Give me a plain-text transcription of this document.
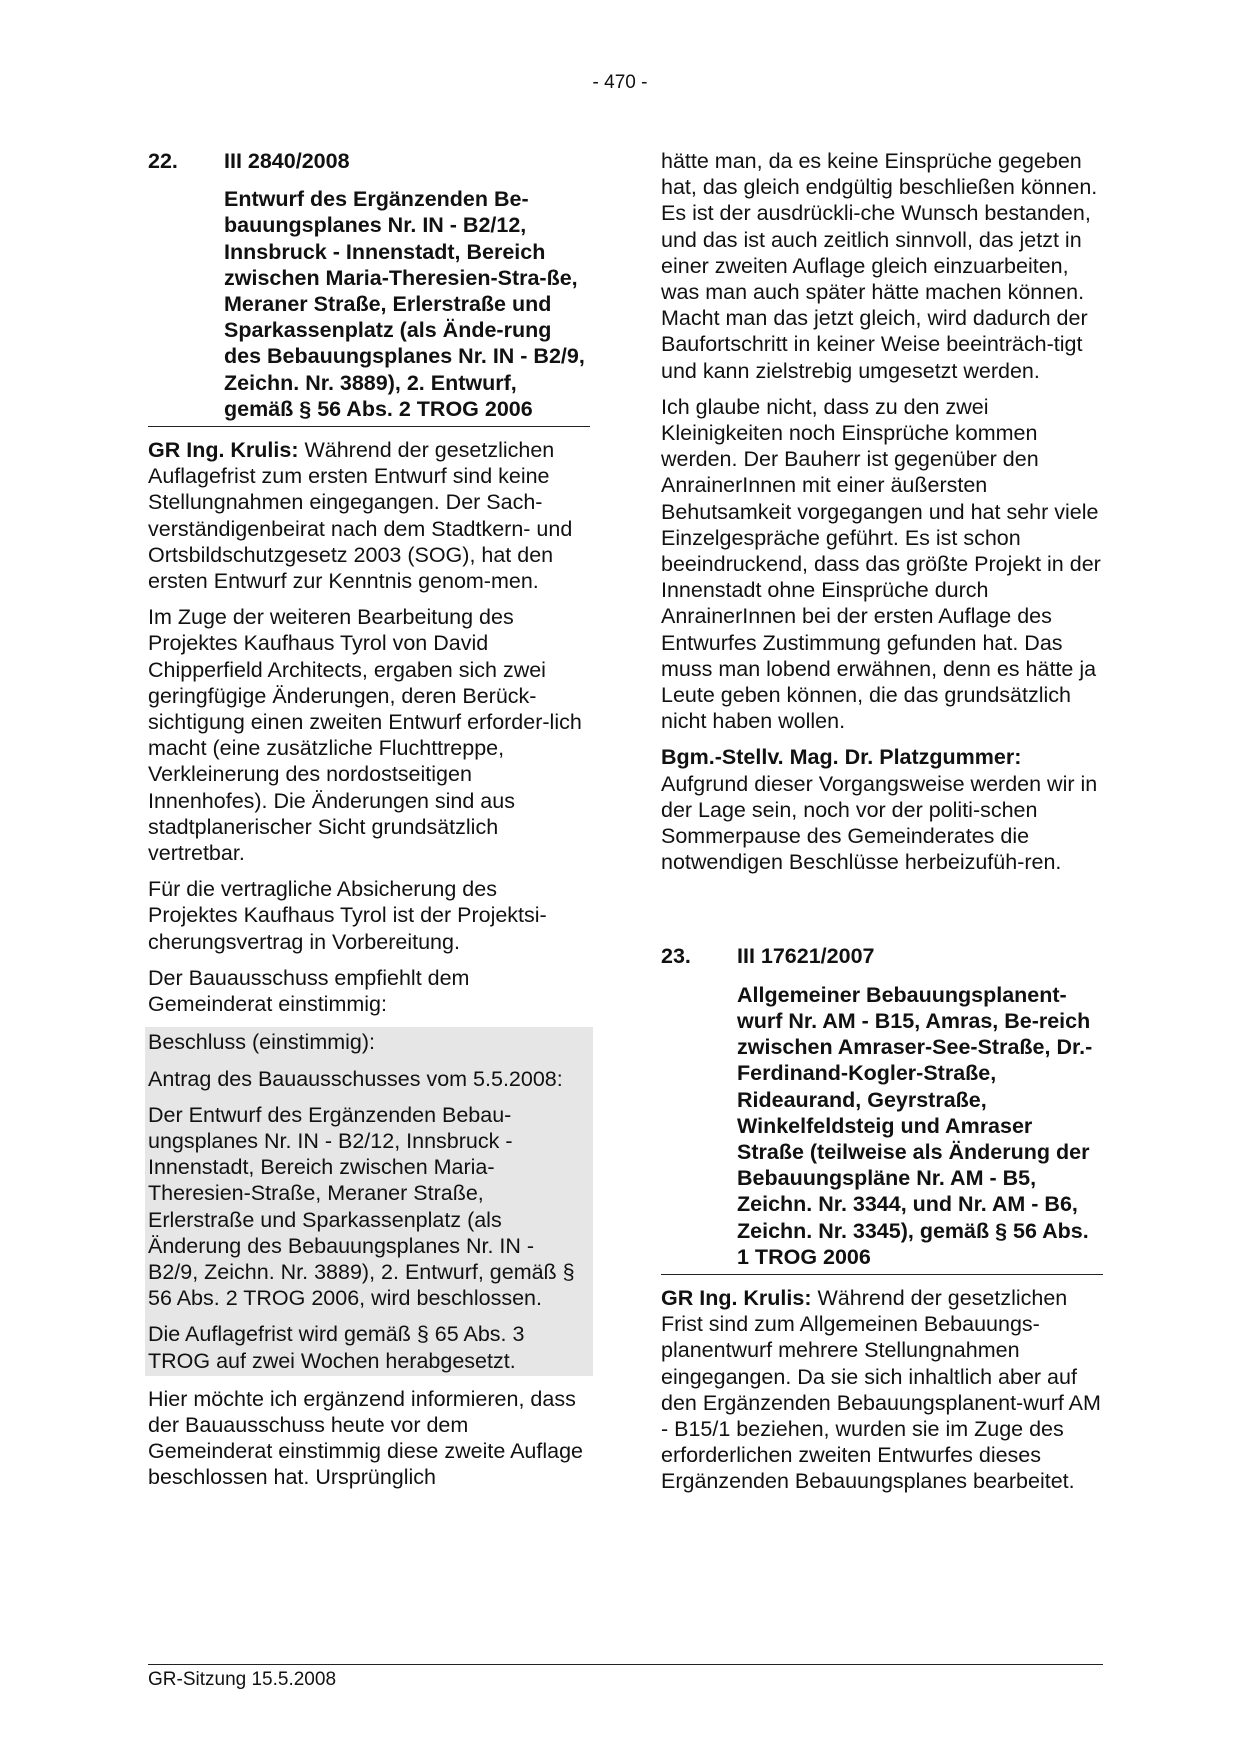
- 470 -
22. III 2840/2008
Entwurf des Ergänzenden Be-bauungsplanes Nr. IN - B2/12, Innsbruck - Innenstadt, Bereich zwischen Maria-Theresien-Stra-ße, Meraner Straße, Erlerstraße und Sparkassenplatz (als Ände-rung des Bebauungsplanes Nr. IN - B2/9, Zeichn. Nr. 3889), 2. Entwurf, gemäß § 56 Abs. 2 TROG 2006

GR Ing. Krulis: Während der gesetzlichen Auflagefrist zum ersten Entwurf sind keine Stellungnahmen eingegangen. Der Sach-verständigenbeirat nach dem Stadtkern- und Ortsbildschutzgesetz 2003 (SOG), hat den ersten Entwurf zur Kenntnis genom-men.

Im Zuge der weiteren Bearbeitung des Projektes Kaufhaus Tyrol von David Chipperfield Architects, ergaben sich zwei geringfügige Änderungen, deren Berück-sichtigung einen zweiten Entwurf erforder-lich macht (eine zusätzliche Fluchttreppe, Verkleinerung des nordostseitigen Innenhofes). Die Änderungen sind aus stadtplanerischer Sicht grundsätzlich vertretbar.

Für die vertragliche Absicherung des Projektes Kaufhaus Tyrol ist der Projektsi-cherungsvertrag in Vorbereitung.

Der Bauausschuss empfiehlt dem Gemeinderat einstimmig:

Beschluss (einstimmig):

Antrag des Bauausschusses vom 5.5.2008:

Der Entwurf des Ergänzenden Bebau-ungsplanes Nr. IN - B2/12, Innsbruck - Innenstadt, Bereich zwischen Maria-Theresien-Straße, Meraner Straße, Erlerstraße und Sparkassenplatz (als Änderung des Bebauungsplanes Nr. IN - B2/9, Zeichn. Nr. 3889), 2. Entwurf, gemäß § 56 Abs. 2 TROG 2006, wird beschlossen.

Die Auflagefrist wird gemäß § 65 Abs. 3 TROG auf zwei Wochen herabgesetzt.

Hier möchte ich ergänzend informieren, dass der Bauausschuss heute vor dem Gemeinderat einstimmig diese zweite Auflage beschlossen hat. Ursprünglich

hätte man, da es keine Einsprüche gegeben hat, das gleich endgültig beschließen können. Es ist der ausdrückli-che Wunsch bestanden, und das ist auch zeitlich sinnvoll, das jetzt in einer zweiten Auflage gleich einzuarbeiten, was man auch später hätte machen können. Macht man das jetzt gleich, wird dadurch der Baufortschritt in keiner Weise beeinträch-tigt und kann zielstrebig umgesetzt werden.

Ich glaube nicht, dass zu den zwei Kleinigkeiten noch Einsprüche kommen werden. Der Bauherr ist gegenüber den AnrainerInnen mit einer äußersten Behutsamkeit vorgegangen und hat sehr viele Einzelgespräche geführt. Es ist schon beeindruckend, dass das größte Projekt in der Innenstadt ohne Einsprüche durch AnrainerInnen bei der ersten Auflage des Entwurfes Zustimmung gefunden hat. Das muss man lobend erwähnen, denn es hätte ja Leute geben können, die das grundsätzlich nicht haben wollen.

Bgm.-Stellv. Mag. Dr. Platzgummer:
Aufgrund dieser Vorgangsweise werden wir in der Lage sein, noch vor der politi-schen Sommerpause des Gemeinderates die notwendigen Beschlüsse herbeizufüh-ren.

23. III 17621/2007
Allgemeiner Bebauungsplanent-wurf Nr. AM - B15, Amras, Be-reich zwischen Amraser-See-Straße, Dr.-Ferdinand-Kogler-Straße, Rideaurand, Geyrstraße, Winkelfeldsteig und Amraser Straße (teilweise als Änderung der Bebauungspläne Nr. AM - B5, Zeichn. Nr. 3344, und Nr. AM - B6, Zeichn. Nr. 3345), gemäß § 56 Abs. 1 TROG 2006

GR Ing. Krulis: Während der gesetzlichen Frist sind zum Allgemeinen Bebauungs-planentwurf mehrere Stellungnahmen eingegangen. Da sie sich inhaltlich aber auf den Ergänzenden Bebauungsplanent-wurf AM - B15/1 beziehen, wurden sie im Zuge des erforderlichen zweiten Entwurfes dieses Ergänzenden Bebauungsplanes bearbeitet.

GR-Sitzung 15.5.2008
